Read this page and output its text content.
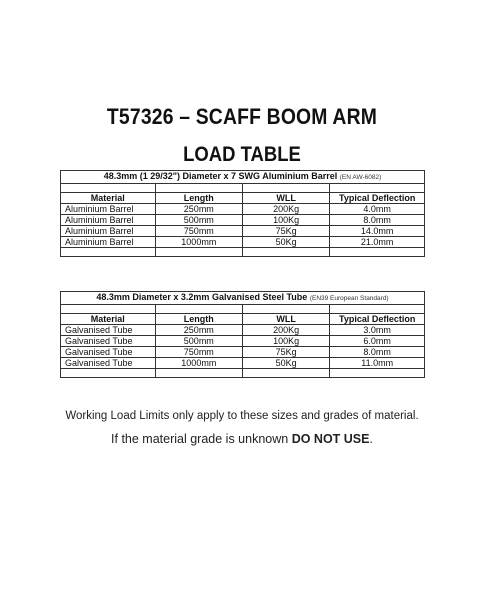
T57326 – SCAFF BOOM ARM
LOAD TABLE
48.3mm (1 29/32") Diameter x 7 SWG Aluminium Barrel (EN AW-6082)			

Material	Length	WLL	Typical Deflection
Aluminium Barrel	250mm	200Kg	4.0mm
Aluminium Barrel	500mm	100Kg	8.0mm
Aluminium Barrel	750mm	75Kg	14.0mm
Aluminium Barrel	1000mm	50Kg	21.0mm

48.3mm Diameter x 3.2mm Galvanised Steel Tube (EN39 European Standard)			

Material	Length	WLL	Typical Deflection
Galvanised Tube	250mm	200Kg	3.0mm
Galvanised Tube	500mm	100Kg	6.0mm
Galvanised Tube	750mm	75Kg	8.0mm
Galvanised Tube	1000mm	50Kg	11.0mm

Working Load Limits only apply to these sizes and grades of material.
If the material grade is unknown DO NOT USE.
